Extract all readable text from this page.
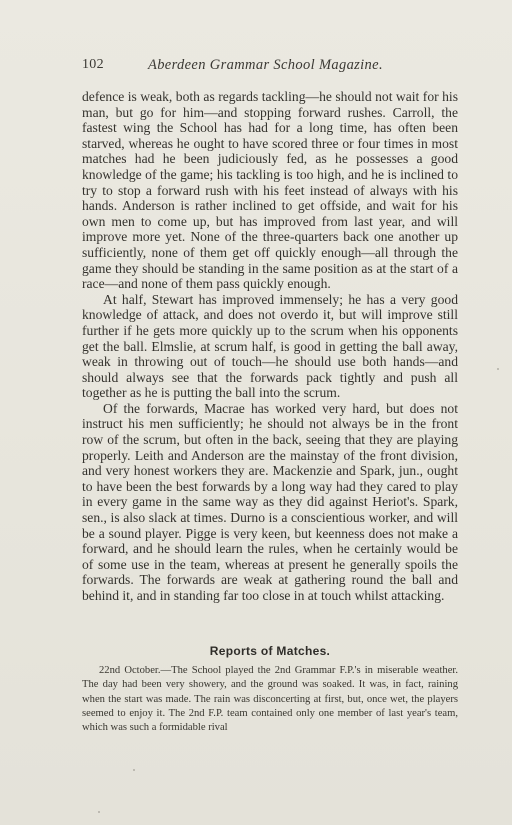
102	Aberdeen Grammar School Magazine.

defence is weak, both as regards tackling—he should not wait for his man, but go for him—and stopping forward rushes. Carroll, the fastest wing the School has had for a long time, has often been starved, whereas he ought to have scored three or four times in most matches had he been judiciously fed, as he possesses a good knowledge of the game; his tackling is too high, and he is inclined to try to stop a forward rush with his feet instead of always with his hands. Anderson is rather inclined to get offside, and wait for his own men to come up, but has improved from last year, and will improve more yet. None of the three-quarters back one another up sufficiently, none of them get off quickly enough—all through the game they should be standing in the same position as at the start of a race—and none of them pass quickly enough.

At half, Stewart has improved immensely; he has a very good knowledge of attack, and does not overdo it, but will improve still further if he gets more quickly up to the scrum when his opponents get the ball. Elmslie, at scrum half, is good in getting the ball away, weak in throwing out of touch—he should use both hands—and should always see that the forwards pack tightly and push all together as he is putting the ball into the scrum.

Of the forwards, Macrae has worked very hard, but does not instruct his men sufficiently; he should not always be in the front row of the scrum, but often in the back, seeing that they are playing properly. Leith and Anderson are the mainstay of the front division, and very honest workers they are. Mackenzie and Spark, jun., ought to have been the best forwards by a long way had they cared to play in every game in the same way as they did against Heriot's. Spark, sen., is also slack at times. Durno is a conscientious worker, and will be a sound player. Pigge is very keen, but keenness does not make a forward, and he should learn the rules, when he certainly would be of some use in the team, whereas at present he generally spoils the forwards. The forwards are weak at gathering round the ball and behind it, and in standing far too close in at touch whilst attacking.

Reports of Matches.

22nd October.—The School played the 2nd Grammar F.P.'s in miserable weather. The day had been very showery, and the ground was soaked. It was, in fact, raining when the start was made. The rain was disconcerting at first, but, once wet, the players seemed to enjoy it. The 2nd F.P. team contained only one member of last year's team, which was such a formidable rival
